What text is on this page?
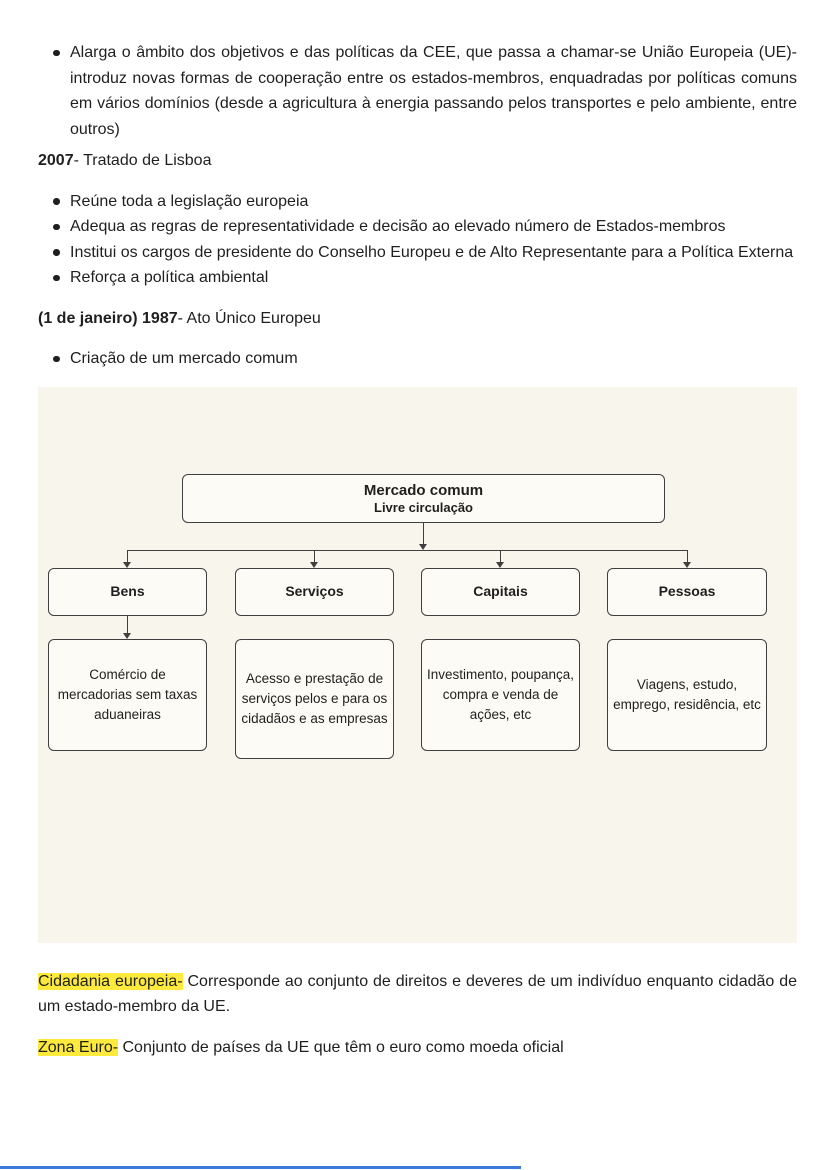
Alarga o âmbito dos objetivos e das políticas da CEE, que passa a chamar-se União Europeia (UE)- introduz novas formas de cooperação entre os estados-membros, enquadradas por políticas comuns em vários domínios (desde a agricultura à energia passando pelos transportes e pelo ambiente, entre outros)

2007- Tratado de Lisboa

Reúne toda a legislação europeia
Adequa as regras de representatividade e decisão ao elevado número de Estados-membros
Institui os cargos de presidente do Conselho Europeu e de Alto Representante para a Política Externa
Reforça a política ambiental

(1 de janeiro) 1987- Ato Único Europeu

Criação de um mercado comum
Mercado comum
Livre circulação
Bens	Serviços	Capitais	Pessoas
Comércio de mercadorias sem taxas aduaneiras
Acesso e prestação de serviços pelos e para os cidadãos e as empresas
Investimento, poupança, compra e venda de ações, etc
Viagens, estudo, emprego, residência, etc

Cidadania europeia- Corresponde ao conjunto de direitos e deveres de um indivíduo enquanto cidadão de um estado-membro da UE.

Zona Euro- Conjunto de países da UE que têm o euro como moeda oficial
